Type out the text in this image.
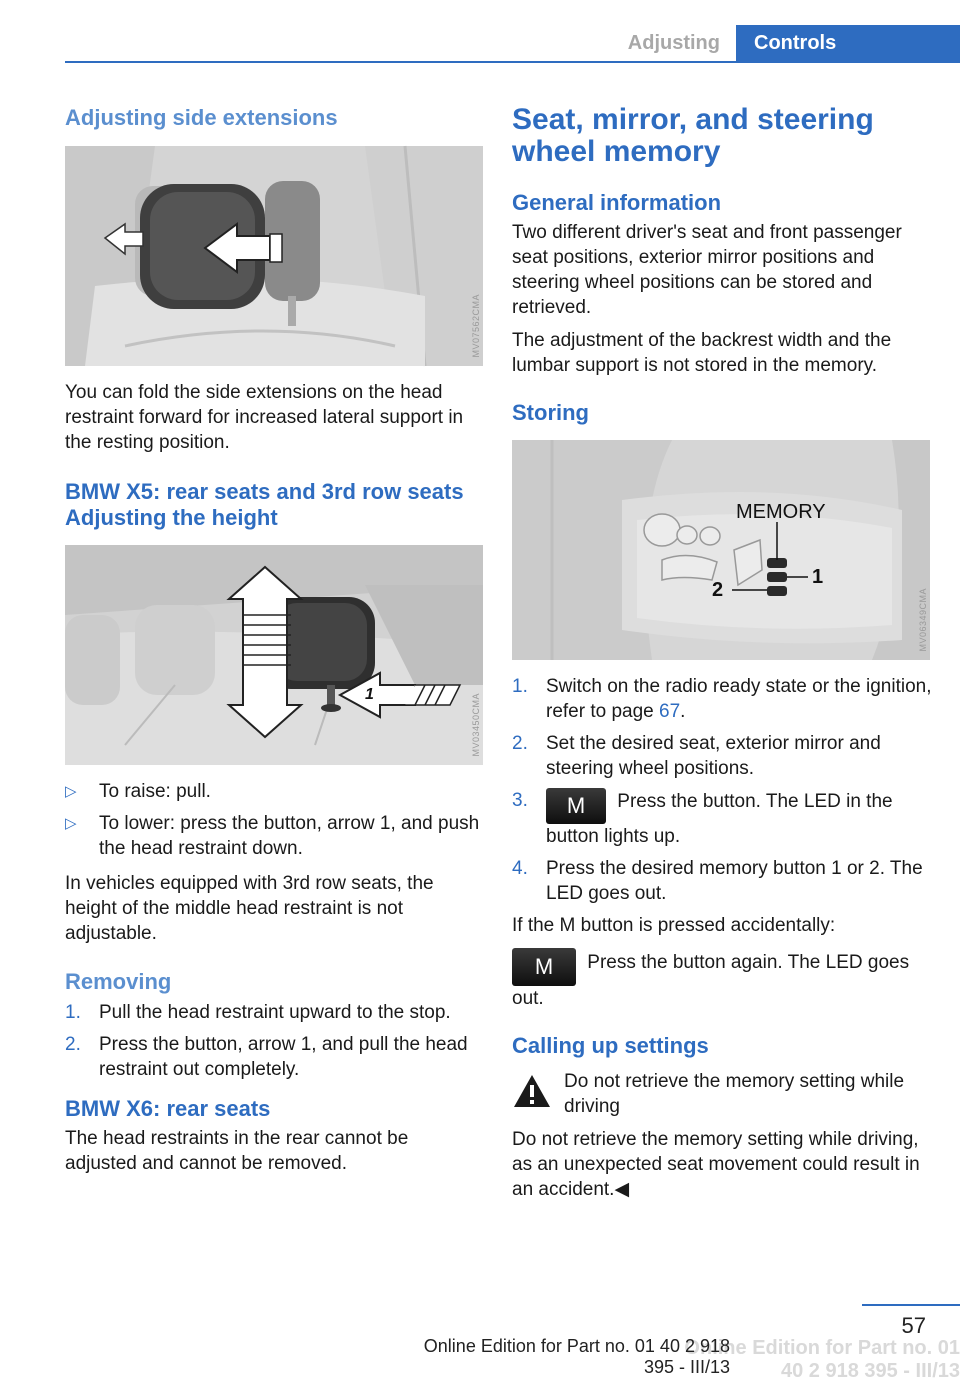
Adjusting	Controls
Adjusting side extensions
MV07562CMA

You can fold the side extensions on the head restraint forward for increased lateral support in the resting position.

BMW X5: rear seats and 3rd row seats
Adjusting the height
1	MV03450CMA
▷ To raise: pull.
▷ To lower: press the button, arrow 1, and push the head restraint down.

In vehicles equipped with 3rd row seats, the height of the middle head restraint is not adjustable.

Removing
1. Pull the head restraint upward to the stop.
2. Press the button, arrow 1, and pull the head restraint out completely.
BMW X6: rear seats

The head restraints in the rear cannot be adjusted and cannot be removed.

Seat, mirror, and steering wheel memory
General information

Two different driver's seat and front passenger seat positions, exterior mirror positions and steering wheel positions can be stored and retrieved.

The adjustment of the backrest width and the lumbar support is not stored in the memory.

Storing
MEMORY
1
2	MV06349CMA
1. Switch on the radio ready state or the ignition, refer to page 67.
2. Set the desired seat, exterior mirror and steering wheel positions.
3. M Press the button. The LED in the button lights up.
4. Press the desired memory button 1 or 2. The LED goes out.

If the M button is pressed accidentally:

M Press the button again. The LED goes out.

Calling up settings
Do not retrieve the memory setting while driving

Do not retrieve the memory setting while driving, as an unexpected seat movement could result in an accident.◀

57
Online Edition for Part no. 01 40 2 918 395 - III/13
Online Edition for Part no. 01 40 2 918 395 - III/13
